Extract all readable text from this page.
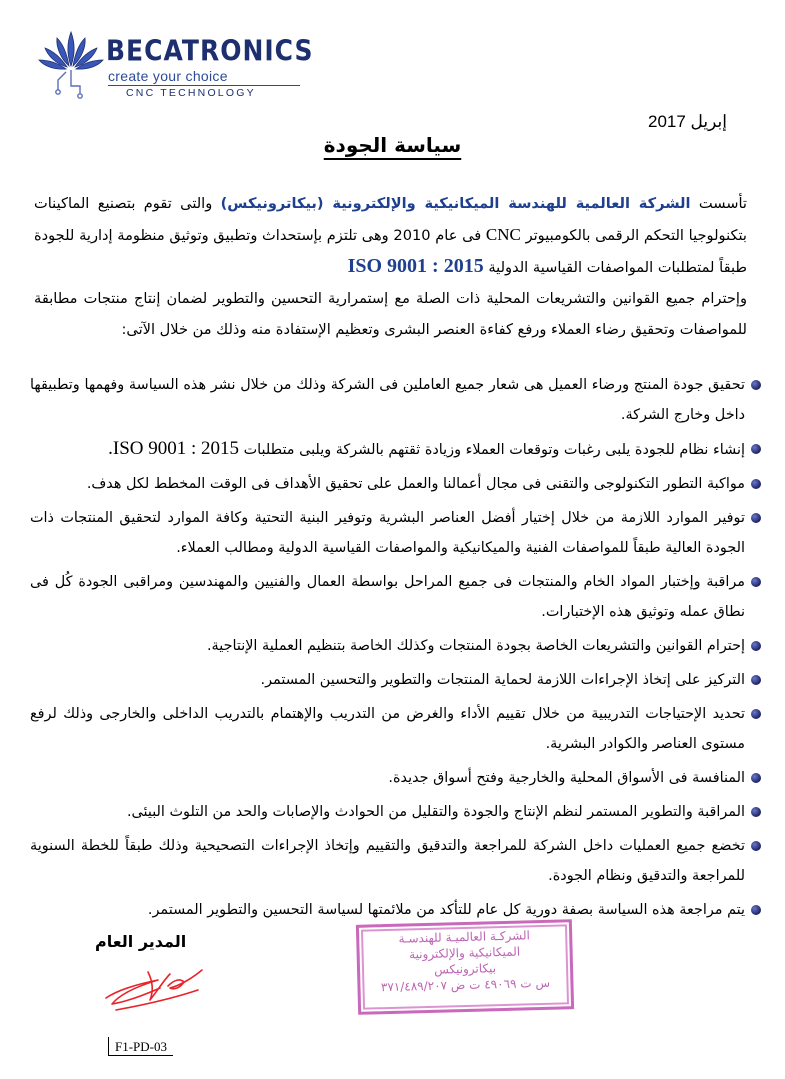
BECATRONICS
create your choice
CNC TECHNOLOGY
إبريل 2017
سياسة الجودة
تأسست الشركة العالمية للهندسة الميكانيكية والإلكترونية (بيكاترونيكس) والتى تقوم بتصنيع الماكينات بتكنولوجيا التحكم الرقمى بالكومبيوتر CNC فى عام 2010 وهى تلتزم بإستحداث وتطبيق وتوثيق منظومة إدارية للجودة طبقاً لمتطلبات المواصفات القياسية الدولية ISO 9001 : 2015
وإحترام جميع القوانين والتشريعات المحلية ذات الصلة مع إستمرارية التحسين والتطوير لضمان إنتاج منتجات مطابقة للمواصفات وتحقيق رضاء العملاء ورفع كفاءة العنصر البشرى وتعظيم الإستفادة منه وذلك من خلال الآتى:
تحقيق جودة المنتج ورضاء العميل هى شعار جميع العاملين فى الشركة وذلك من خلال نشر هذه السياسة وفهمها وتطبيقها داخل وخارج الشركة.
إنشاء نظام للجودة يلبى رغبات وتوقعات العملاء وزيادة ثقتهم بالشركة ويلبى متطلبات ISO 9001 : 2015.
مواكبة التطور التكنولوجى والتقنى فى مجال أعمالنا والعمل على تحقيق الأهداف فى الوقت المخطط لكل هدف.
توفير الموارد اللازمة من خلال إختيار أفضل العناصر البشرية وتوفير البنية التحتية وكافة الموارد لتحقيق المنتجات ذات الجودة العالية طبقاً للمواصفات الفنية والميكانيكية والمواصفات القياسية الدولية ومطالب العملاء.
مراقبة وإختبار المواد الخام والمنتجات فى جميع المراحل بواسطة العمال والفنيين والمهندسين ومراقبى الجودة كُل فى نطاق عمله وتوثيق هذه الإختبارات.
إحترام القوانين والتشريعات الخاصة بجودة المنتجات وكذلك الخاصة بتنظيم العملية الإنتاجية.
التركيز على إتخاذ الإجراءات اللازمة لحماية المنتجات والتطوير والتحسين المستمر.
تحديد الإحتياجات التدريبية من خلال تقييم الأداء والغرض من التدريب والإهتمام بالتدريب الداخلى والخارجى وذلك لرفع مستوى العناصر والكوادر البشرية.
المنافسة فى الأسواق المحلية والخارجية وفتح أسواق جديدة.
المراقبة والتطوير المستمر لنظم الإنتاج والجودة والتقليل من الحوادث والإصابات والحد من التلوث البيئى.
تخضع جميع العمليات داخل الشركة للمراجعة والتدقيق والتقييم وإتخاذ الإجراءات التصحيحية وذلك طبقاً للخطة السنوية للمراجعة والتدقيق ونظام الجودة.
يتم مراجعة هذه السياسة بصفة دورية كل عام للتأكد من ملائمتها لسياسة التحسين والتطوير المستمر.
المدير العام	الشركـة العالميـة للهندسـة
الميكانيكية والإلكترونية
بيكاترونيكس
س ت ٤٩٠٦٩ ت ض ٣٧١/٤٨٩/٢٠٧
F1-PD-03
